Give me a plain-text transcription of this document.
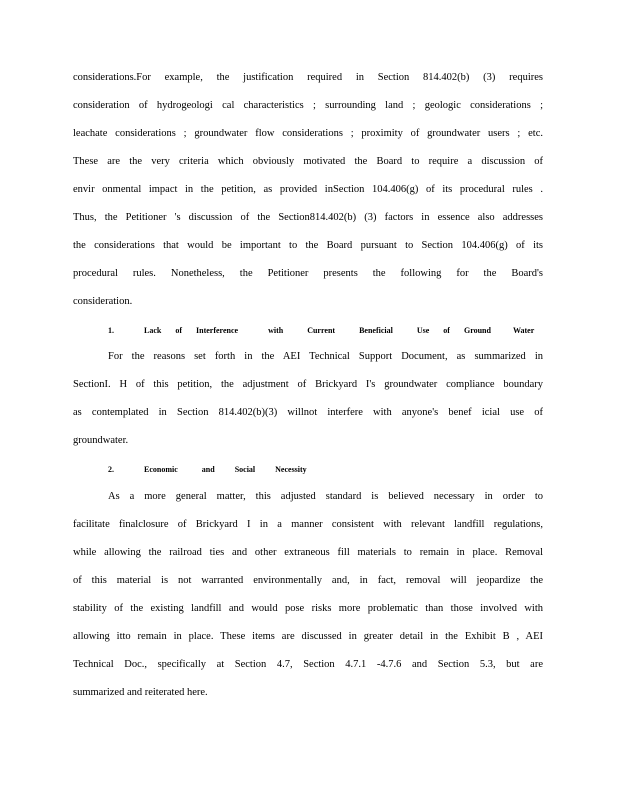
considerations.For example, the justification required in Section 814.402(b) (3) requires
consideration of hydrogeologi cal characteristics ; surrounding land ; geologic considerations ;
leachate considerations ; groundwater flow considerations ; proximity of groundwater users ; etc.
These are the very criteria which obviously motivated the Board to require a discussion of
envir onmental impact in the petition, as provided inSection 104.406(g) of its procedural rules .
Thus, the Petitioner 's discussion of the Section814.402(b) (3) factors in essence also addresses
the considerations that would be important to the Board pursuant to Section 104.406(g) of its
procedural rules. Nonetheless, the Petitioner presents the following for the Board's
consideration.
1.	Lack of Interference	with	Current	Beneficial	Use of Ground	Water
For the reasons set forth in the AEI Technical Support Document, as summarized in
SectionI. H of this petition, the adjustment of Brickyard I's groundwater compliance boundary
as contemplated in Section 814.402(b)(3) willnot interfere with anyone's benef icial use of
groundwater.
2.	Economic	and	Social	Necessity
As a more general matter, this adjusted standard is believed necessary in order to
facilitate finalclosure of Brickyard I in a manner consistent with relevant landfill regulations,
while allowing the railroad ties and other extraneous fill materials to remain in place. Removal
of this material is not warranted environmentally and, in fact, removal will jeopardize the
stability of the existing landfill and would pose risks more problematic than those involved with
allowing itto remain in place. These items are discussed in greater detail in the Exhibit B , AEI
Technical Doc., specifically at Section 4.7, Section 4.7.1 -4.7.6 and Section 5.3, but are
summarized and reiterated here.
